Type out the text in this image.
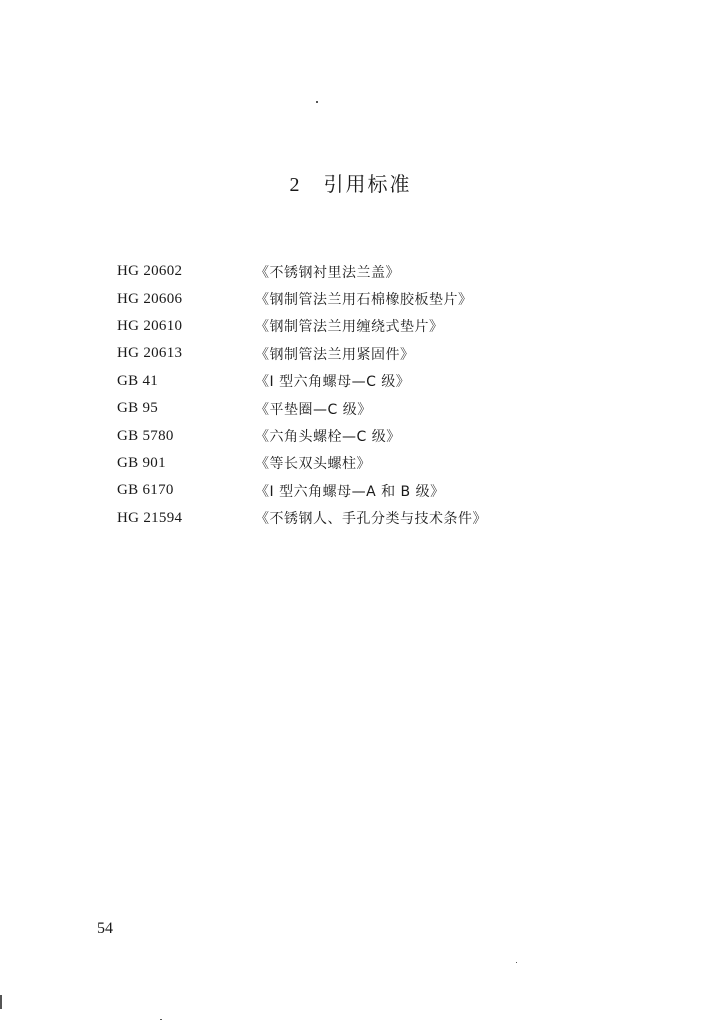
2 引用标准
HG 20602	《不锈钢衬里法兰盖》
HG 20606	《钢制管法兰用石棉橡胶板垫片》
HG 20610	《钢制管法兰用缠绕式垫片》
HG 20613	《钢制管法兰用紧固件》
GB 41	《I 型六角螺母—C 级》
GB 95	《平垫圈—C 级》
GB 5780	《六角头螺栓—C 级》
GB 901	《等长双头螺柱》
GB 6170	《I 型六角螺母—A 和 B 级》
HG 21594	《不锈钢人、手孔分类与技术条件》
54
